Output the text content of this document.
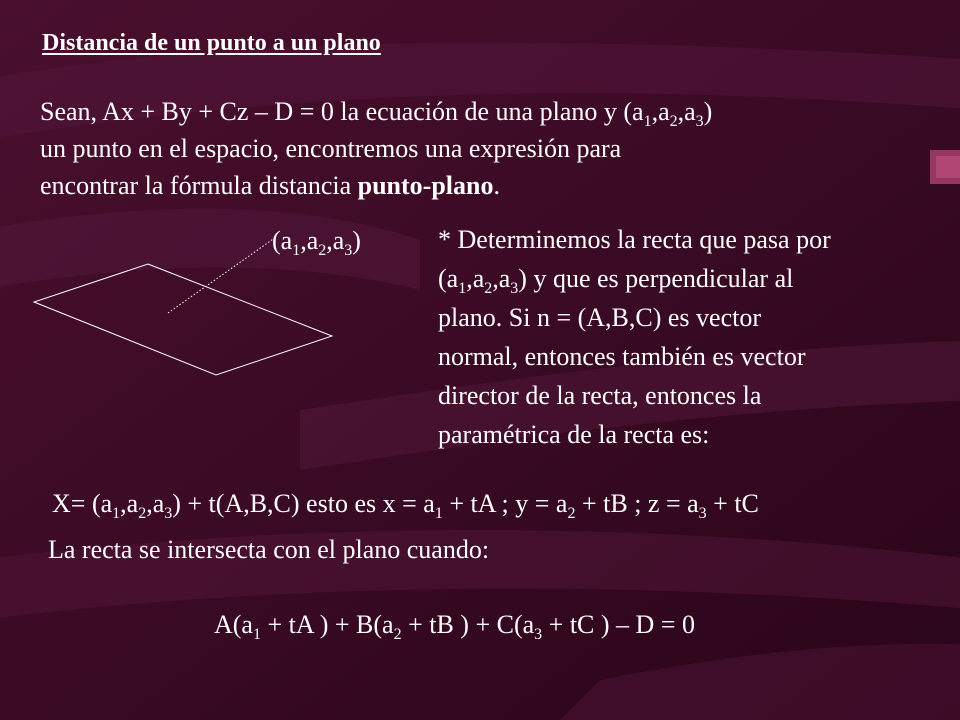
Distancia de un punto a un plano
Sean, Ax + By + Cz – D = 0 la ecuación de una plano y $(a_1,a_2,a_3)$
un punto en el espacio, encontremos una expresión para
encontrar la fórmula distancia punto-plano.
$(a_1,a_2,a_3)$	* Determinemos la recta que pasa por
$(a_1,a_2,a_3)$ y que es perpendicular al
plano. Si n = (A,B,C) es vector
normal, entonces también es vector
director de la recta, entonces la
paramétrica de la recta es:
$X= (a_1,a_2,a_3) + t(A,B,C)$ esto es $x = a_1$ + tA ; $y = a_2$ + tB ; $z = a_3$ + tC
La recta se intersecta con el plano cuando:
$A(a_1$ + tA ) + $B(a_2$ + tB ) + $C(a_3$ + tC ) – D = 0
